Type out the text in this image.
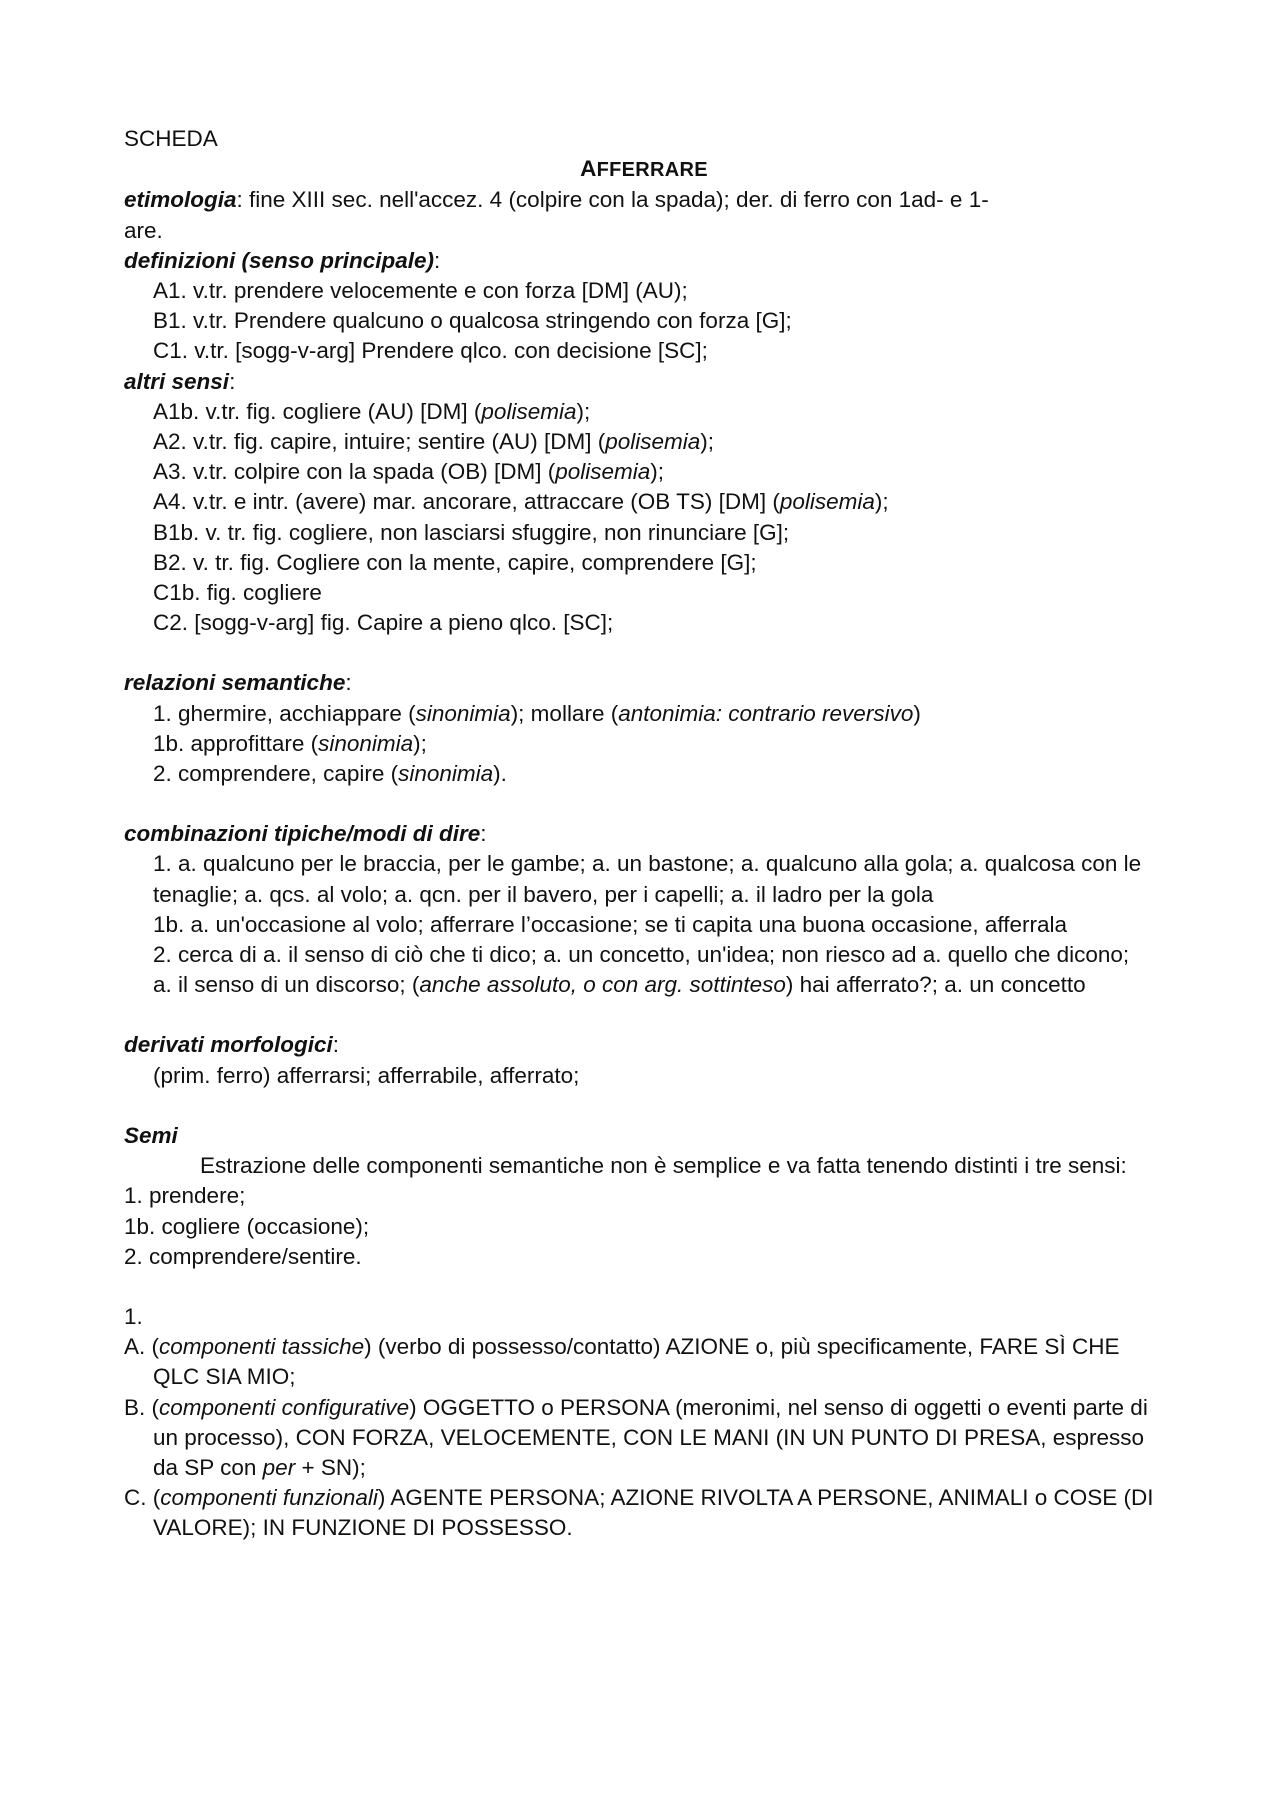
SCHEDA
AFFERRARE
etimologia: fine XIII sec. nell'accez. 4 (colpire con la spada); der. di ferro con 1ad- e 1-
are.
definizioni (senso principale):
A1. v.tr. prendere velocemente e con forza [DM] (AU);
B1. v.tr. Prendere qualcuno o qualcosa stringendo con forza [G];
C1. v.tr. [sogg-v-arg] Prendere qlco. con decisione [SC];
altri sensi:
A1b. v.tr. fig. cogliere (AU) [DM] (polisemia);
A2. v.tr. fig. capire, intuire; sentire (AU) [DM] (polisemia);
A3. v.tr. colpire con la spada (OB) [DM] (polisemia);
A4. v.tr. e intr. (avere) mar. ancorare, attraccare (OB TS) [DM] (polisemia);
B1b. v. tr. fig. cogliere, non lasciarsi sfuggire, non rinunciare [G];
B2. v. tr. fig. Cogliere con la mente, capire, comprendere [G];
C1b. fig. cogliere
C2. [sogg-v-arg] fig. Capire a pieno qlco. [SC];
relazioni semantiche:
1. ghermire, acchiappare (sinonimia); mollare (antonimia: contrario reversivo)
1b. approfittare (sinonimia);
2. comprendere, capire (sinonimia).
combinazioni tipiche/modi di dire:
1. a. qualcuno per le braccia, per le gambe; a. un bastone; a. qualcuno alla gola; a. qualcosa con le tenaglie; a. qcs. al volo; a. qcn. per il bavero, per i capelli; a. il ladro per la gola
1b. a. un'occasione al volo; afferrare l’occasione; se ti capita una buona occasione, afferrala
2. cerca di a. il senso di ciò che ti dico; a. un concetto, un'idea; non riesco ad a. quello che dicono; a. il senso di un discorso; (anche assoluto, o con arg. sottinteso) hai afferrato?; a. un concetto
derivati morfologici:
(prim. ferro) afferrarsi; afferrabile, afferrato;
Semi
Estrazione delle componenti semantiche non è semplice e va fatta tenendo distinti i tre sensi:
1. prendere;
1b. cogliere (occasione);
2. comprendere/sentire.
1.
A. (componenti tassiche) (verbo di possesso/contatto) AZIONE o, più specificamente, FARE SÌ CHE QLC SIA MIO;
B. (componenti configurative) OGGETTO o PERSONA (meronimi, nel senso di oggetti o eventi parte di un processo), CON FORZA, VELOCEMENTE, CON LE MANI (IN UN PUNTO DI PRESA, espresso da SP con per + SN);
C. (componenti funzionali) AGENTE PERSONA; AZIONE RIVOLTA A PERSONE, ANIMALI o COSE (DI VALORE); IN FUNZIONE DI POSSESSO.
